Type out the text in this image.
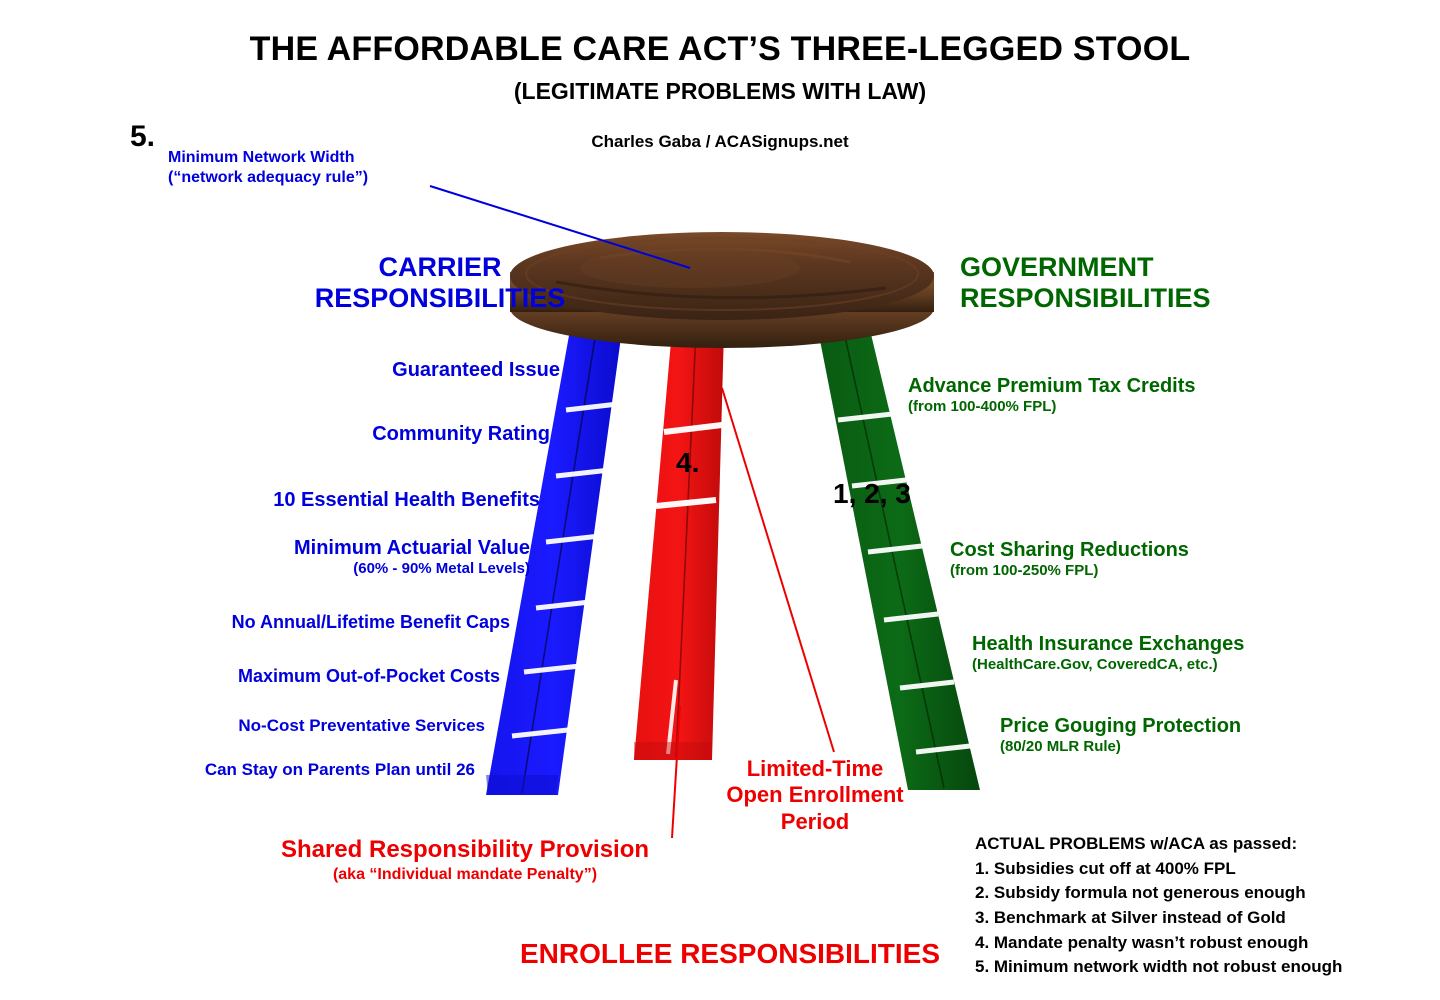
THE AFFORDABLE CARE ACT’S THREE-LEGGED STOOL
(LEGITIMATE PROBLEMS WITH LAW)
Charles Gaba / ACASignups.net
5.
Minimum Network Width
(“network adequacy rule”)
CARRIER
RESPONSIBILITIES
GOVERNMENT
RESPONSIBILITIES
ENROLLEE RESPONSIBILITIES
4.
1, 2, 3
Guaranteed Issue
Community Rating
10 Essential Health Benefits
Minimum Actuarial Value
(60% - 90% Metal Levels)
No Annual/Lifetime Benefit Caps
Maximum Out-of-Pocket Costs
No-Cost Preventative Services
Can Stay on Parents Plan until 26
Advance Premium Tax Credits
(from 100-400% FPL)
Cost Sharing Reductions
(from 100-250% FPL)
Health Insurance Exchanges
(HealthCare.Gov, CoveredCA, etc.)
Price Gouging Protection
(80/20 MLR Rule)
Limited-Time Open Enrollment Period
Shared Responsibility Provision
(aka “Individual mandate Penalty”)
ACTUAL PROBLEMS w/ACA as passed:
1. Subsidies cut off at 400% FPL
2. Subsidy formula not generous enough
3. Benchmark at Silver instead of Gold
4. Mandate penalty wasn’t robust enough
5. Minimum network width not robust enough
